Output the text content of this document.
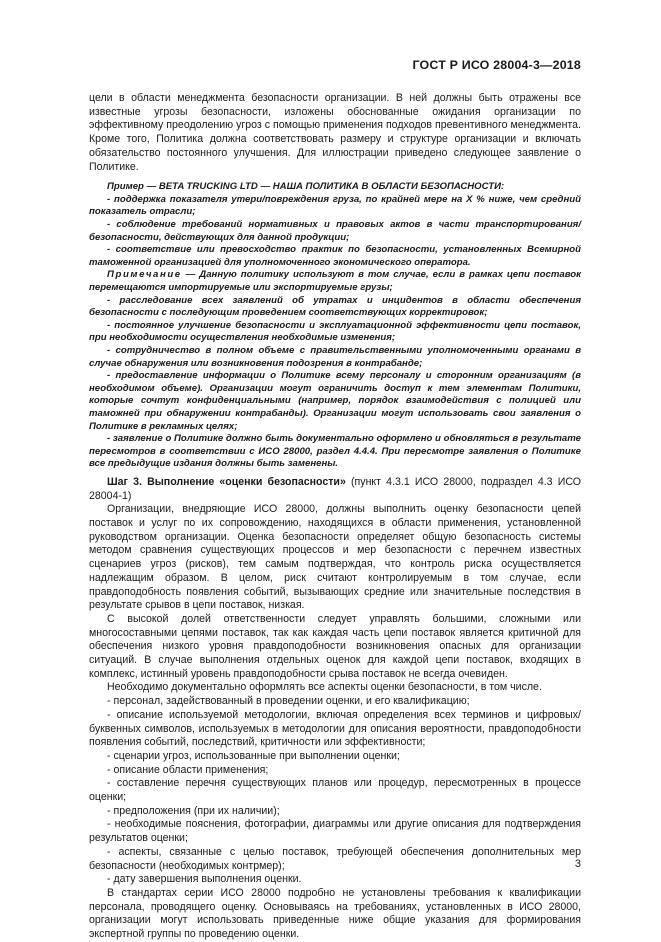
ГОСТ Р ИСО 28004-3—2018

цели в области менеджмента безопасности организации. В ней должны быть отражены все известные угрозы безопасности, изложены обоснованные ожидания организации по эффективному преодолению угроз с помощью применения подходов превентивного менеджмента. Кроме того, Политика должна соответствовать размеру и структуре организации и включать обязательство постоянного улучшения. Для иллюстрации приведено следующее заявление о Политике.

Пример — BETA TRUCKING LTD — НАША ПОЛИТИКА В ОБЛАСТИ БЕЗОПАСНОСТИ:

- поддержка показателя утери/повреждения груза, по крайней мере на X % ниже, чем средний показатель отрасли;

- соблюдение требований нормативных и правовых актов в части транспортирования/безопасности, действующих для данной продукции;

- соответствие или превосходство практик по безопасности, установленных Всемирной таможенной организацией для уполномоченного экономического оператора.

Примечание — Данную политику используют в том случае, если в рамках цепи поставок перемещаются импортируемые или экспортируемые грузы;

- расследование всех заявлений об утратах и инцидентов в области обеспечения безопасности с последующим проведением соответствующих корректировок;

- постоянное улучшение безопасности и эксплуатационной эффективности цепи поставок, при необходимости осуществления необходимые изменения;

- сотрудничество в полном объеме с правительственными уполномоченными органами в случае обнаружения или возникновения подозрения в контрабанде;

- предоставление информации о Политике всему персоналу и сторонним организациям (в необходимом объеме). Организации могут ограничить доступ к тем элементам Политики, которые сочтут конфиденциальными (например, порядок взаимодействия с полицией или таможней при обнаружении контрабанды). Организации могут использовать свои заявления о Политике в рекламных целях;

- заявление о Политике должно быть документально оформлено и обновляться в результате пересмотров в соответствии с ИСО 28000, раздел 4.4.4. При пересмотре заявления о Политике все предыдущие издания должны быть заменены.

Шаг 3. Выполнение «оценки безопасности» (пункт 4.3.1 ИСО 28000, подраздел 4.3 ИСО 28004-1)

Организации, внедряющие ИСО 28000, должны выполнить оценку безопасности цепей поставок и услуг по их сопровождению, находящихся в области применения, установленной руководством организации. Оценка безопасности определяет общую безопасность системы методом сравнения существующих процессов и мер безопасности с перечнем известных сценариев угроз (рисков), тем самым подтверждая, что контроль риска осуществляется надлежащим образом. В целом, риск считают контролируемым в том случае, если правдоподобность появления событий, вызывающих средние или значительные последствия в результате срывов в цепи поставок, низкая.

С высокой долей ответственности следует управлять большими, сложными или многосоставными цепями поставок, так как каждая часть цепи поставок является критичной для обеспечения низкого уровня правдоподобности возникновения опасных для организации ситуаций. В случае выполнения отдельных оценок для каждой цепи поставок, входящих в комплекс, истинный уровень правдоподобности срыва поставок не всегда очевиден.

Необходимо документально оформлять все аспекты оценки безопасности, в том числе.

- персонал, задействованный в проведении оценки, и его квалификацию;

- описание используемой методологии, включая определения всех терминов и цифровых/буквенных символов, используемых в методологии для описания вероятности, правдоподобности появления событий, последствий, критичности или эффективности;

- сценарии угроз, использованные при выполнении оценки;

- описание области применения;

- составление перечня существующих планов или процедур, пересмотренных в процессе оценки;

- предположения (при их наличии);

- необходимые пояснения, фотографии, диаграммы или другие описания для подтверждения результатов оценки;

- аспекты, связанные с целью поставок, требующей обеспечения дополнительных мер безопасности (необходимых контрмер);

- дату завершения выполнения оценки.

В стандартах серии ИСО 28000 подробно не установлены требования к квалификации персонала, проводящего оценку. Основываясь на требованиях, установленных в ИСО 28000, организации могут использовать приведенные ниже общие указания для формирования экспертной группы по проведению оценки.

3
